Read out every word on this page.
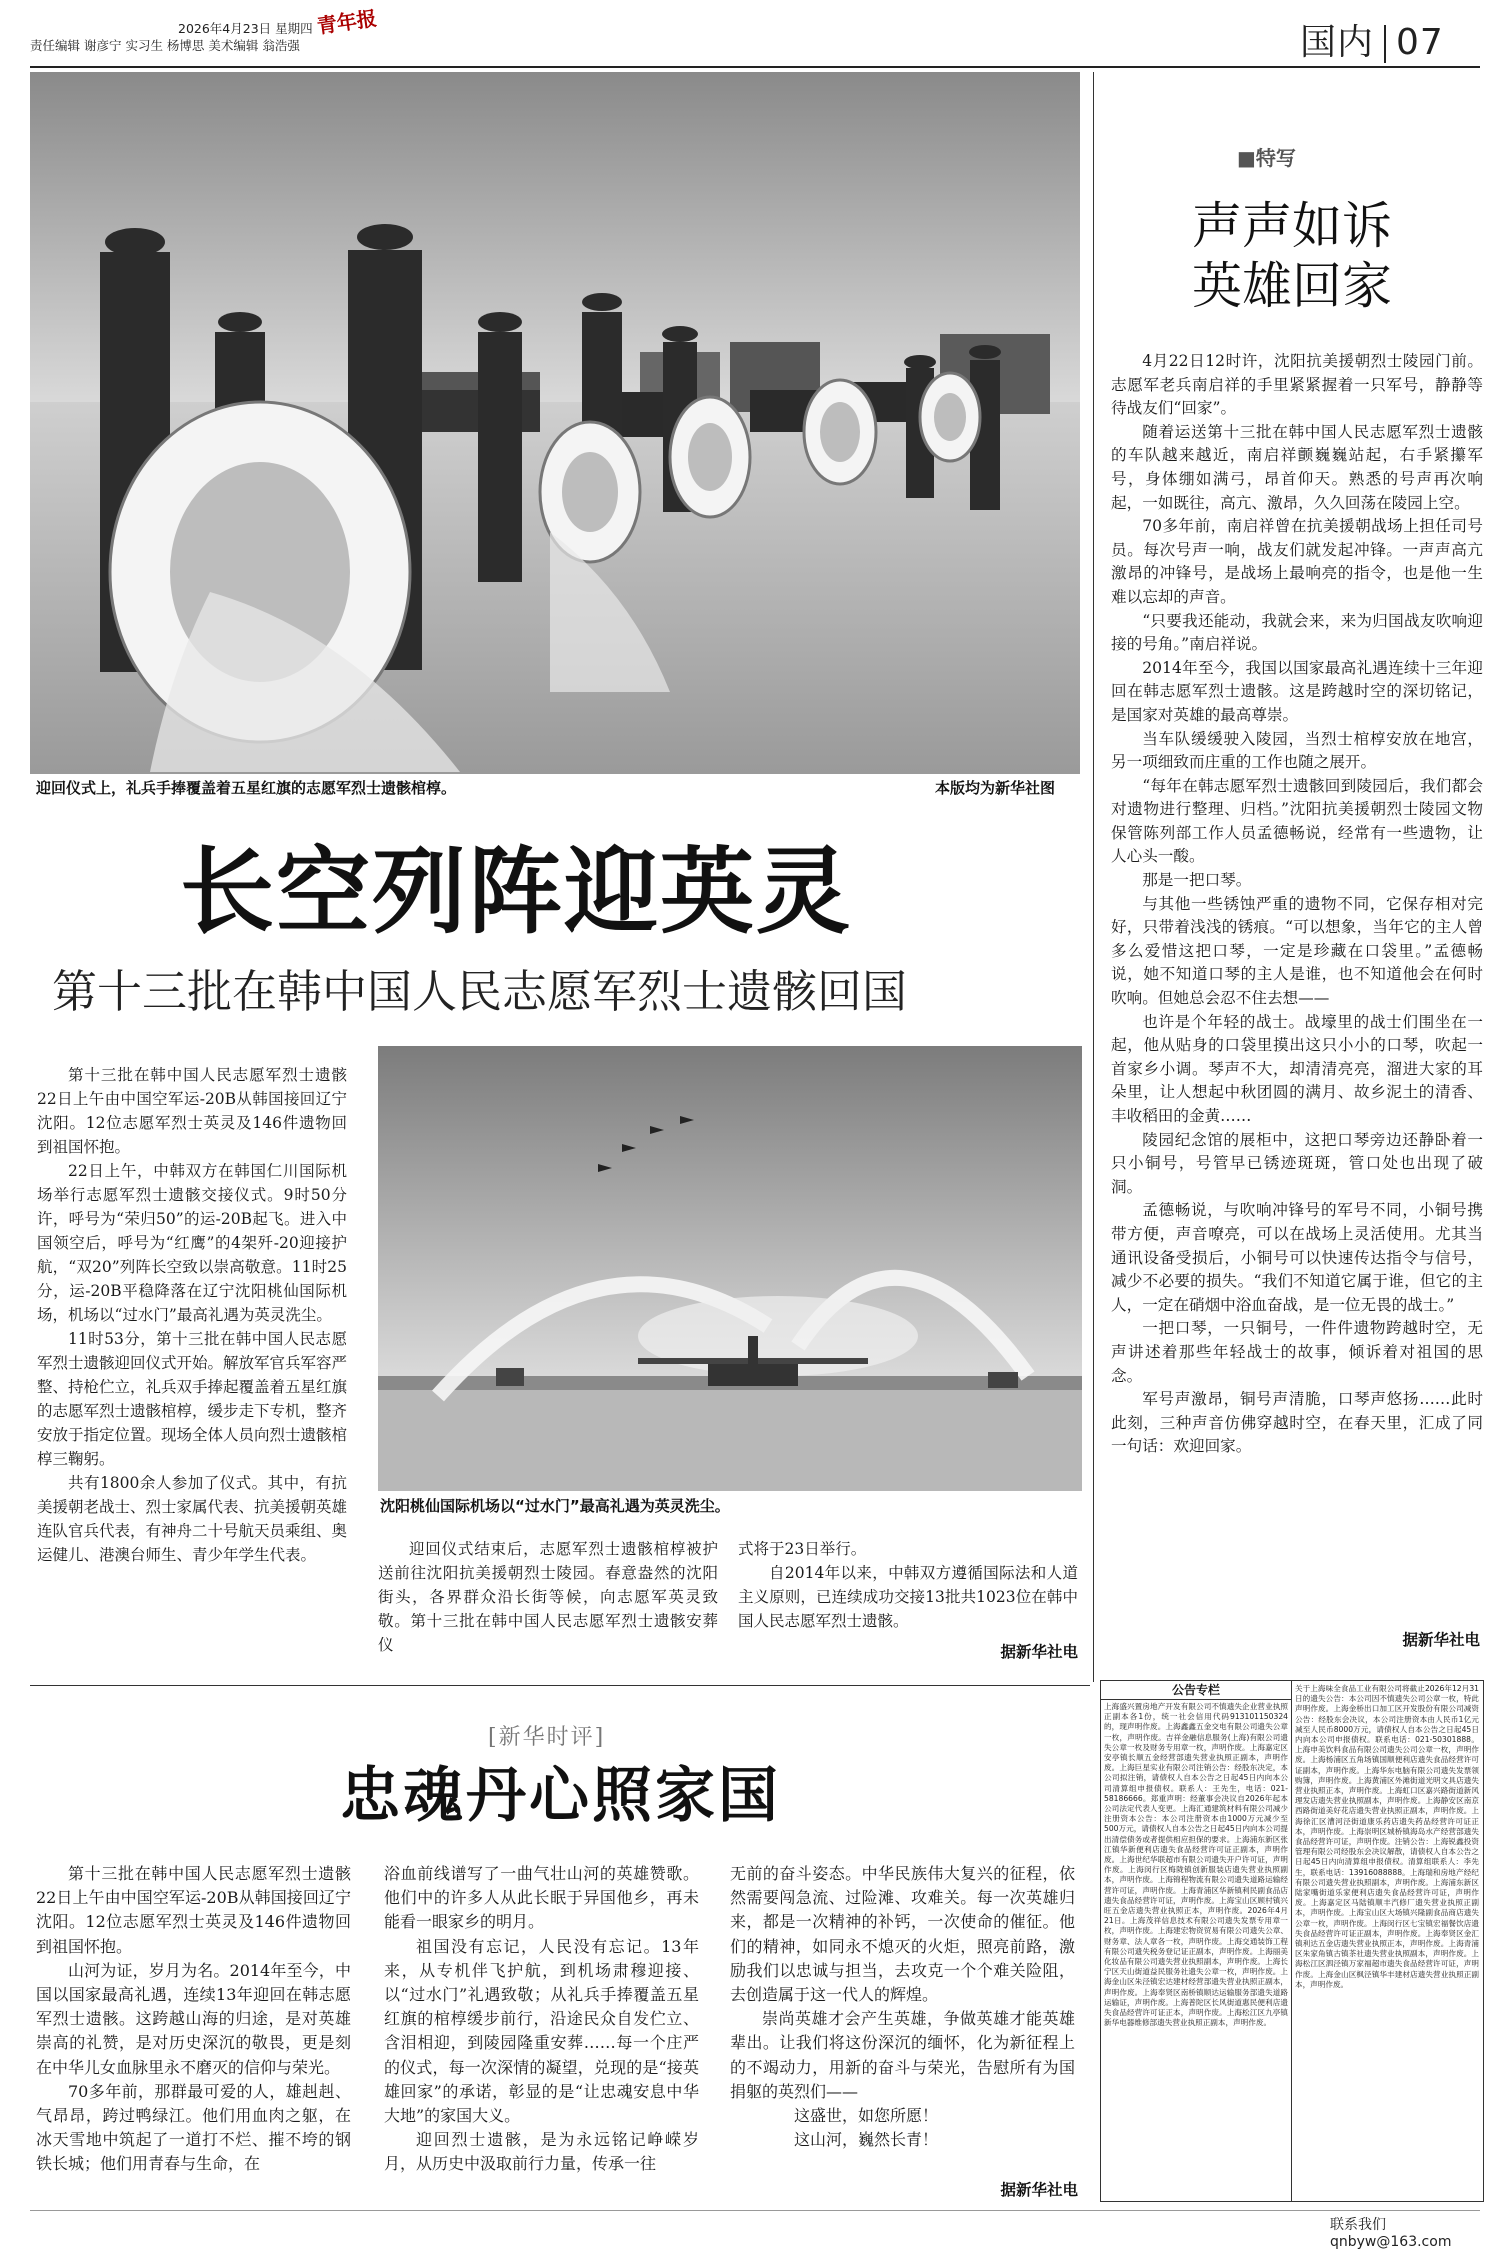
2026年4月23日 星期四
责任编辑 谢彦宁 实习生 杨博思 美术编辑 翁浩强
青年报	国内 07
迎回仪式上，礼兵手捧覆盖着五星红旗的志愿军烈士遗骸棺椁。	本版均为新华社图
长空列阵迎英灵
第十三批在韩中国人民志愿军烈士遗骸回国

第十三批在韩中国人民志愿军烈士遗骸22日上午由中国空军运-20B从韩国接回辽宁沈阳。12位志愿军烈士英灵及146件遗物回到祖国怀抱。

22日上午，中韩双方在韩国仁川国际机场举行志愿军烈士遗骸交接仪式。9时50分许，呼号为“荣归50”的运-20B起飞。进入中国领空后，呼号为“红鹰”的4架歼-20迎接护航，“双20”列阵长空致以崇高敬意。11时25分，运-20B平稳降落在辽宁沈阳桃仙国际机场，机场以“过水门”最高礼遇为英灵洗尘。

11时53分，第十三批在韩中国人民志愿军烈士遗骸迎回仪式开始。解放军官兵军容严整、持枪伫立，礼兵双手捧起覆盖着五星红旗的志愿军烈士遗骸棺椁，缓步走下专机，整齐安放于指定位置。现场全体人员向烈士遗骸棺椁三鞠躬。

共有1800余人参加了仪式。其中，有抗美援朝老战士、烈士家属代表、抗美援朝英雄连队官兵代表，有神舟二十号航天员乘组、奥运健儿、港澳台师生、青少年学生代表。

沈阳桃仙国际机场以“过水门”最高礼遇为英灵洗尘。

迎回仪式结束后，志愿军烈士遗骸棺椁被护送前往沈阳抗美援朝烈士陵园。春意盎然的沈阳街头，各界群众沿长街等候，向志愿军英灵致敬。第十三批在韩中国人民志愿军烈士遗骸安葬仪

式将于23日举行。

自2014年以来，中韩双方遵循国际法和人道主义原则，已连续成功交接13批共1023位在韩中国人民志愿军烈士遗骸。

据新华社电
■特写
声声如诉
英雄回家

4月22日12时许，沈阳抗美援朝烈士陵园门前。志愿军老兵南启祥的手里紧紧握着一只军号，静静等待战友们“回家”。

随着运送第十三批在韩中国人民志愿军烈士遗骸的车队越来越近，南启祥颤巍巍站起，右手紧攥军号，身体绷如满弓，昂首仰天。熟悉的号声再次响起，一如既往，高亢、激昂，久久回荡在陵园上空。

70多年前，南启祥曾在抗美援朝战场上担任司号员。每次号声一响，战友们就发起冲锋。一声声高亢激昂的冲锋号，是战场上最响亮的指令，也是他一生难以忘却的声音。

“只要我还能动，我就会来，来为归国战友吹响迎接的号角。”南启祥说。

2014年至今，我国以国家最高礼遇连续十三年迎回在韩志愿军烈士遗骸。这是跨越时空的深切铭记，是国家对英雄的最高尊崇。

当车队缓缓驶入陵园，当烈士棺椁安放在地宫，另一项细致而庄重的工作也随之展开。

“每年在韩志愿军烈士遗骸回到陵园后，我们都会对遗物进行整理、归档。”沈阳抗美援朝烈士陵园文物保管陈列部工作人员孟德畅说，经常有一些遗物，让人心头一酸。

那是一把口琴。

与其他一些锈蚀严重的遗物不同，它保存相对完好，只带着浅浅的锈痕。“可以想象，当年它的主人曾多么爱惜这把口琴，一定是珍藏在口袋里。”孟德畅说，她不知道口琴的主人是谁，也不知道他会在何时吹响。但她总会忍不住去想——

也许是个年轻的战士。战壕里的战士们围坐在一起，他从贴身的口袋里摸出这只小小的口琴，吹起一首家乡小调。琴声不大，却清清亮亮，溜进大家的耳朵里，让人想起中秋团圆的满月、故乡泥土的清香、丰收稻田的金黄……

陵园纪念馆的展柜中，这把口琴旁边还静卧着一只小铜号，号管早已锈迹斑斑，管口处也出现了破洞。

孟德畅说，与吹响冲锋号的军号不同，小铜号携带方便，声音嘹亮，可以在战场上灵活使用。尤其当通讯设备受损后，小铜号可以快速传达指令与信号，减少不必要的损失。“我们不知道它属于谁，但它的主人，一定在硝烟中浴血奋战，是一位无畏的战士。”

一把口琴，一只铜号，一件件遗物跨越时空，无声讲述着那些年轻战士的故事，倾诉着对祖国的思念。

军号声激昂，铜号声清脆，口琴声悠扬……此时此刻，三种声音仿佛穿越时空，在春天里，汇成了同一句话：欢迎回家。

据新华社电
[新华时评]
忠魂丹心照家国

第十三批在韩中国人民志愿军烈士遗骸22日上午由中国空军运-20B从韩国接回辽宁沈阳。12位志愿军烈士英灵及146件遗物回到祖国怀抱。

山河为证，岁月为名。2014年至今，中国以国家最高礼遇，连续13年迎回在韩志愿军烈士遗骸。这跨越山海的归途，是对英雄崇高的礼赞，是对历史深沉的敬畏，更是刻在中华儿女血脉里永不磨灭的信仰与荣光。

70多年前，那群最可爱的人，雄赳赳、气昂昂，跨过鸭绿江。他们用血肉之躯，在冰天雪地中筑起了一道打不烂、摧不垮的钢铁长城；他们用青春与生命，在

浴血前线谱写了一曲气壮山河的英雄赞歌。他们中的许多人从此长眠于异国他乡，再未能看一眼家乡的明月。

祖国没有忘记，人民没有忘记。13年来，从专机伴飞护航，到机场肃穆迎接、以“过水门”礼遇致敬；从礼兵手捧覆盖五星红旗的棺椁缓步前行，沿途民众自发伫立、含泪相迎，到陵园隆重安葬……每一个庄严的仪式，每一次深情的凝望，兑现的是“接英雄回家”的承诺，彰显的是“让忠魂安息中华大地”的家国大义。

迎回烈士遗骸，是为永远铭记峥嵘岁月，从历史中汲取前行力量，传承一往

无前的奋斗姿态。中华民族伟大复兴的征程，依然需要闯急流、过险滩、攻难关。每一次英雄归来，都是一次精神的补钙，一次使命的催征。他们的精神，如同永不熄灭的火炬，照亮前路，激励我们以忠诚与担当，去攻克一个个难关险阻，去创造属于这一代人的辉煌。

崇尚英雄才会产生英雄，争做英雄才能英雄辈出。让我们将这份深沉的缅怀，化为新征程上的不竭动力，用新的奋斗与荣光，告慰所有为国捐躯的英烈们——

这盛世，如您所愿！

这山河，巍然长青！

据新华社电
公告专栏
上海盛兴置房地产开发有限公司不慎遗失企业营业执照正副本各1份，统一社会信用代码913101150324的，现声明作废。上海鑫鑫五金交电有限公司遗失公章一枚，声明作废。吉祥金融信息服务(上海)有限公司遗失公章一枚及财务专用章一枚，声明作废。上海嘉定区安亭镇长顺五金经营部遗失营业执照正副本，声明作废。上海巨星实业有限公司注销公告：经股东决定，本公司拟注销，请债权人自本公告之日起45日内向本公司清算组申报债权。联系人：王先生，电话：021-58186666。郑重声明：经董事会决议自2026年起本公司法定代表人变更。上海汇通建筑材料有限公司减少注册资本公告：本公司注册资本由1000万元减少至500万元，请债权人自本公告之日起45日内向本公司提出清偿债务或者提供相应担保的要求。上海浦东新区张江镇华新便利店遗失食品经营许可证正副本，声明作废。上海世纪华联超市有限公司遗失开户许可证，声明作废。上海闵行区梅陇镇创新服装店遗失营业执照副本，声明作废。上海锦程物流有限公司遗失道路运输经营许可证，声明作废。上海青浦区华新镇利民副食品店遗失食品经营许可证，声明作废。上海宝山区顾村镇兴旺五金店遗失营业执照正本，声明作废。2026年4月21日。上海茂祥信息技术有限公司遗失发票专用章一枚，声明作废。上海建宏物资贸易有限公司遗失公章、财务章、法人章各一枚，声明作废。上海交通装饰工程有限公司遗失税务登记证正副本，声明作废。上海丽美化妆品有限公司遗失营业执照副本，声明作废。上海长宁区天山街道益民服务社遗失公章一枚，声明作废。上海金山区朱泾镇宏达建材经营部遗失营业执照正副本，声明作废。上海奉贤区南桥镇顺达运输服务部遗失道路运输证，声明作废。上海普陀区长风街道惠民便利店遗失食品经营许可证正本，声明作废。上海松江区九亭镇新华电器维修部遗失营业执照正副本，声明作废。
关于上海味全食品工业有限公司将截止2026年12月31日的遗失公告：本公司因不慎遗失公司公章一枚，特此声明作废。上海金桥出口加工区开发股份有限公司减资公告：经股东会决议，本公司注册资本由人民币1亿元减至人民币8000万元，请债权人自本公告之日起45日内向本公司申报债权。联系电话：021-50301888。上海申美饮料食品有限公司遗失公司公章一枚，声明作废。上海杨浦区五角场镇国顺便利店遗失食品经营许可证副本，声明作废。上海华东电脑有限公司遗失发票领购簿，声明作废。上海黄浦区外滩街道光明文具店遗失营业执照正本，声明作废。上海虹口区嘉兴路街道新风理发店遗失营业执照副本，声明作废。上海静安区南京西路街道美好花店遗失营业执照正副本，声明作废。上海徐汇区漕河泾街道康乐药店遗失药品经营许可证正本，声明作废。上海崇明区城桥镇海岛水产经营部遗失食品经营许可证，声明作废。注销公告：上海锐鑫投资管理有限公司经股东会决议解散，请债权人自本公告之日起45日内向清算组申报债权。清算组联系人：李先生，联系电话：13916088888。上海瑞和房地产经纪有限公司遗失营业执照副本，声明作废。上海浦东新区陆家嘴街道乐家便利店遗失食品经营许可证，声明作废。上海嘉定区马陆镇顺丰汽修厂遗失营业执照正副本，声明作废。上海宝山区大场镇兴隆副食品商店遗失公章一枚，声明作废。上海闵行区七宝镇宏福餐饮店遗失食品经营许可证正副本，声明作废。上海奉贤区金汇镇利达五金店遗失营业执照正本，声明作废。上海青浦区朱家角镇古镇茶社遗失营业执照副本，声明作废。上海松江区泗泾镇万家福超市遗失食品经营许可证，声明作废。上海金山区枫泾镇华丰建材店遗失营业执照正副本，声明作废。
联系我们 qnbyw@163.com
